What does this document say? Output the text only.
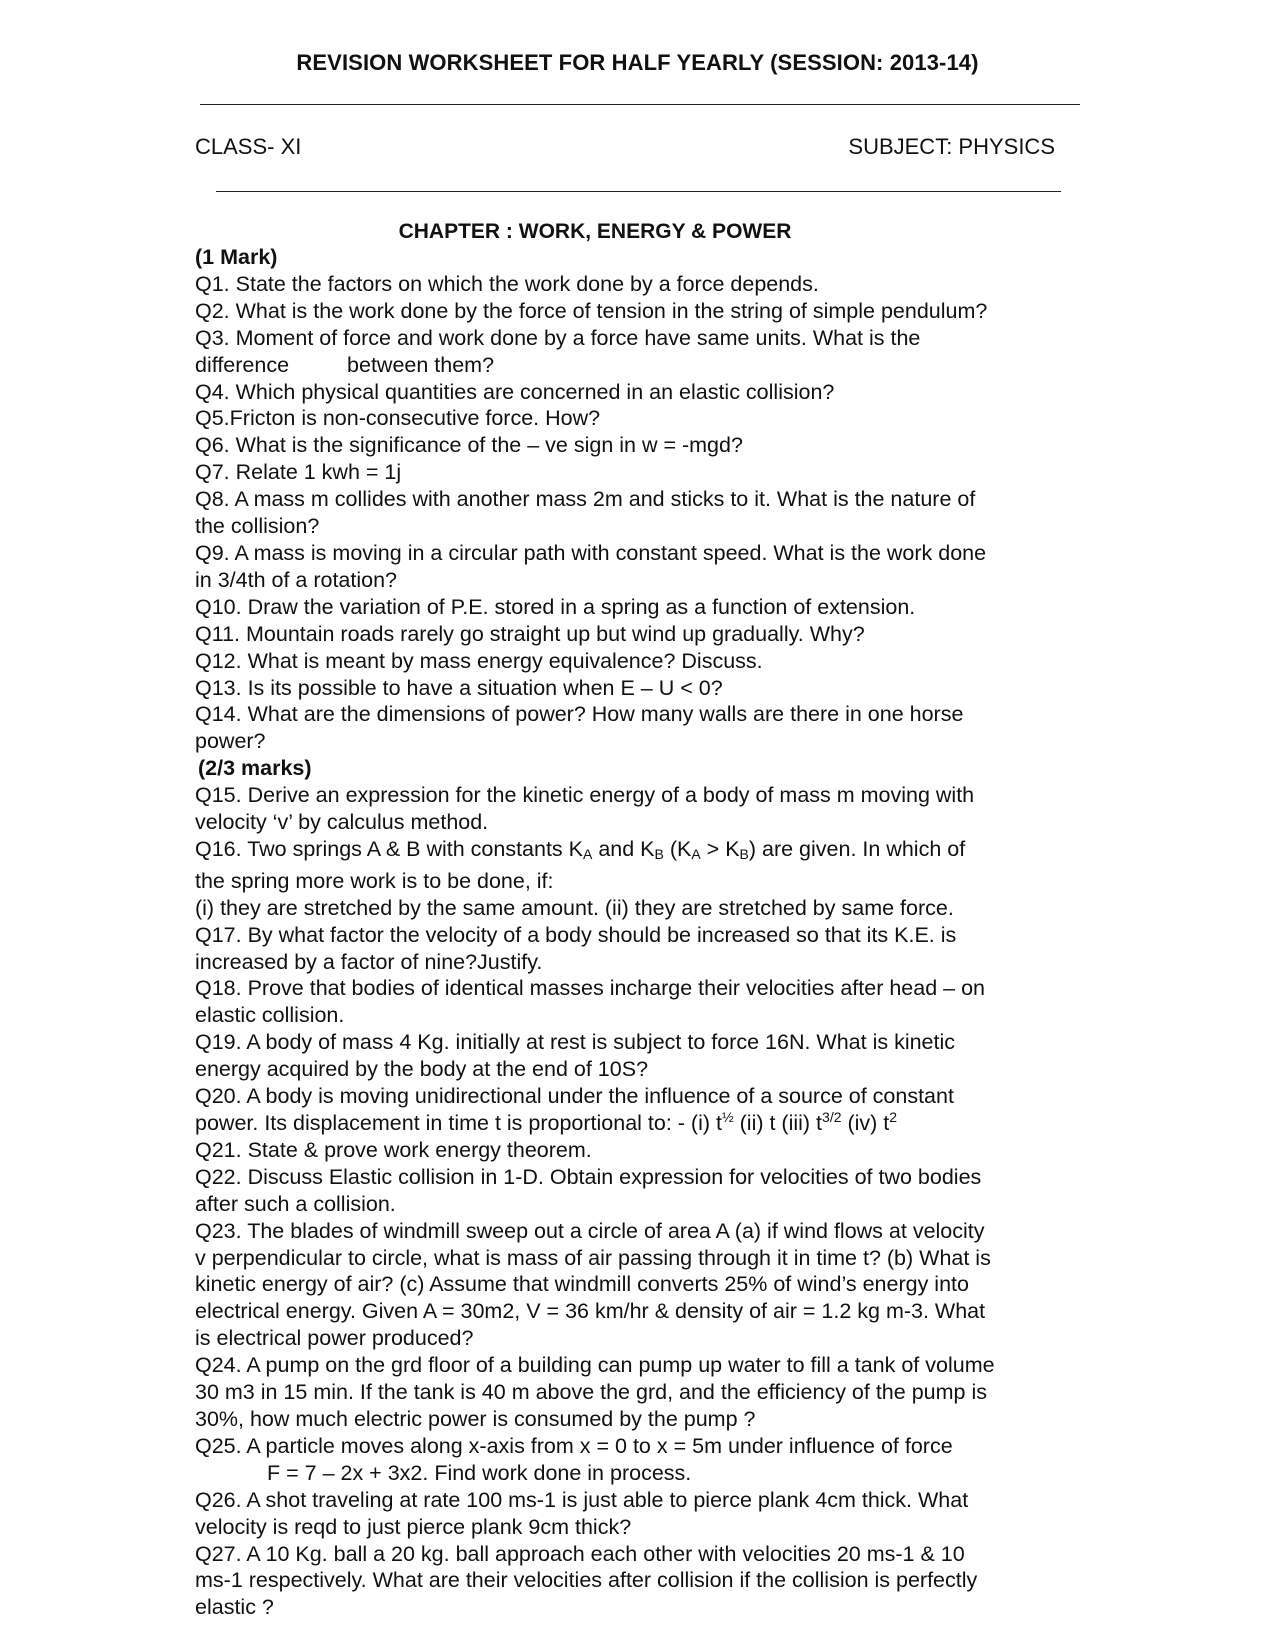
REVISION WORKSHEET FOR HALF YEARLY (SESSION: 2013-14)
CLASS- XI	SUBJECT: PHYSICS
CHAPTER : WORK, ENERGY & POWER
(1 Mark)
Q1. State the factors on which the work done by a force depends.
Q2. What is the work done by the force of tension in the string of simple pendulum?
Q3. Moment of force and work done by a force have same units. What is the
difference	between them?
Q4. Which physical quantities are concerned in an elastic collision?
Q5.Fricton is non-consecutive force. How?
Q6. What is the significance of the – ve sign in w = -mgd?
Q7. Relate 1 kwh = 1j
Q8. A mass m collides with another mass 2m and sticks to it. What is the nature of
the collision?
Q9. A mass is moving in a circular path with constant speed. What is the work done
in 3/4th of a rotation?
Q10. Draw the variation of P.E. stored in a spring as a function of extension.
Q11. Mountain roads rarely go straight up but wind up gradually. Why?
Q12. What is meant by mass energy equivalence? Discuss.
Q13. Is its possible to have a situation when E – U < 0?
Q14. What are the dimensions of power? How many walls are there in one horse
power?
(2/3 marks)
Q15. Derive an expression for the kinetic energy of a body of mass m moving with
velocity ‘v’ by calculus method.
Q16. Two springs A & B with constants $K_A$ and $K_B$ $(K_A > K_B)$ are given. In which of
the spring more work is to be done, if:
(i) they are stretched by the same amount. (ii) they are stretched by same force.
Q17. By what factor the velocity of a body should be increased so that its K.E. is
increased by a factor of nine?Justify.
Q18. Prove that bodies of identical masses incharge their velocities after head – on
elastic collision.
Q19. A body of mass 4 Kg. initially at rest is subject to force 16N. What is kinetic
energy acquired by the body at the end of 10S?
Q20. A body is moving unidirectional under the influence of a source of constant
power. Its displacement in time t is proportional to: - (i) $t^{\frac{1}{2}}$ (ii) t (iii) $t^{3/2}$ (iv) $t^2$
Q21. State & prove work energy theorem.
Q22. Discuss Elastic collision in 1-D. Obtain expression for velocities of two bodies
after such a collision.
Q23. The blades of windmill sweep out a circle of area A (a) if wind flows at velocity
v perpendicular to circle, what is mass of air passing through it in time t? (b) What is
kinetic energy of air? (c) Assume that windmill converts 25% of wind’s energy into
electrical energy. Given A = 30m2, V = 36 km/hr & density of air = 1.2 kg m-3. What
is electrical power produced?
Q24. A pump on the grd floor of a building can pump up water to fill a tank of volume
30 m3 in 15 min. If the tank is 40 m above the grd, and the efficiency of the pump is
30%, how much electric power is consumed by the pump ?
Q25. A particle moves along x-axis from x = 0 to x = 5m under influence of force
F = 7 – 2x + 3x2. Find work done in process.
Q26. A shot traveling at rate 100 ms-1 is just able to pierce plank 4cm thick. What
velocity is reqd to just pierce plank 9cm thick?
Q27. A 10 Kg. ball a 20 kg. ball approach each other with velocities 20 ms-1 & 10
ms-1 respectively. What are their velocities after collision if the collision is perfectly
elastic ?
